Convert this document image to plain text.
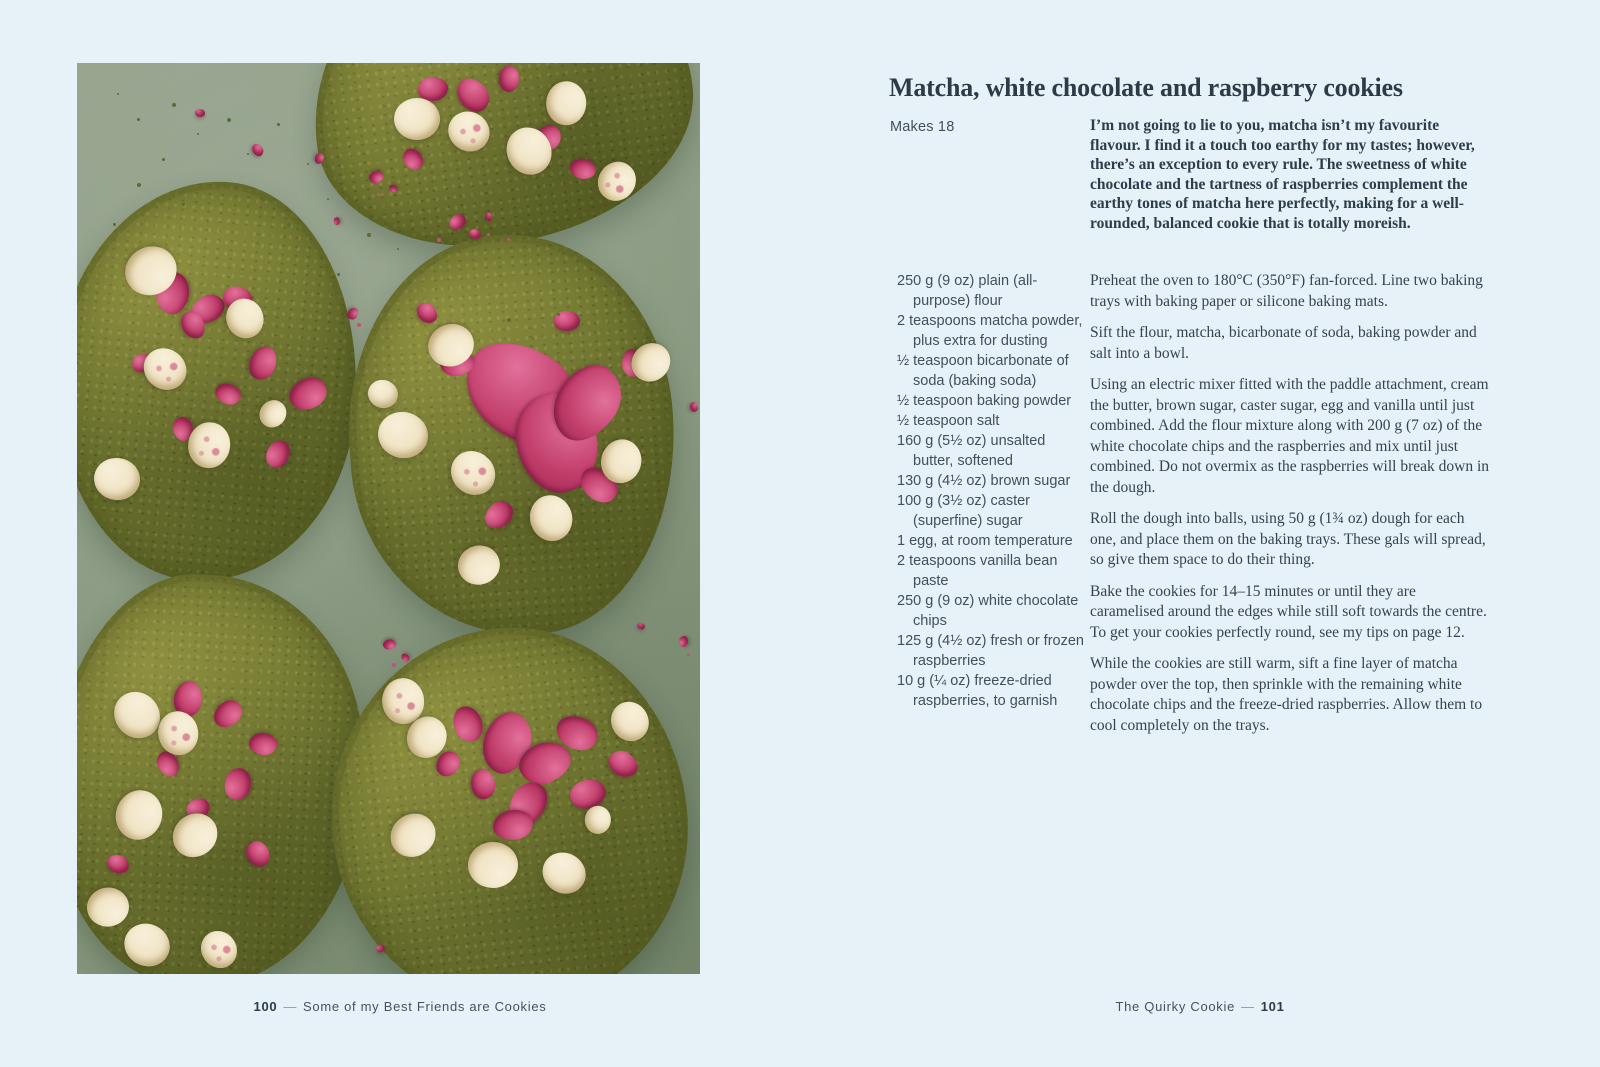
Matcha, white chocolate and raspberry cookies
Makes 18	I’m not going to lie to you, matcha isn’t my favourite flavour. I find it a touch too earthy for my tastes; however, there’s an exception to every rule. The sweetness of white chocolate and the tartness of raspberries complement the earthy tones of matcha here perfectly, making for a well-rounded, balanced cookie that is totally moreish.
250 g (9 oz) plain (all-purpose) flour
2 teaspoons matcha powder, plus extra for dusting
½ teaspoon bicarbonate of soda (baking soda)
½ teaspoon baking powder
½ teaspoon salt
160 g (5½ oz) unsalted butter, softened
130 g (4½ oz) brown sugar
100 g (3½ oz) caster (superfine) sugar
1 egg, at room temperature
2 teaspoons vanilla bean paste
250 g (9 oz) white chocolate chips
125 g (4½ oz) fresh or frozen raspberries
10 g (¼ oz) freeze-dried raspberries, to garnish
Preheat the oven to 180°C (350°F) fan-forced. Line two baking trays with baking paper or silicone baking mats.
Sift the flour, matcha, bicarbonate of soda, baking powder and salt into a bowl.
Using an electric mixer fitted with the paddle attachment, cream the butter, brown sugar, caster sugar, egg and vanilla until just combined. Add the flour mixture along with 200 g (7 oz) of the white chocolate chips and the raspberries and mix until just combined. Do not overmix as the raspberries will break down in the dough.
Roll the dough into balls, using 50 g (1¾ oz) dough for each one, and place them on the baking trays. These gals will spread, so give them space to do their thing.
Bake the cookies for 14–15 minutes or until they are caramelised around the edges while still soft towards the centre. To get your cookies perfectly round, see my tips on page 12.
While the cookies are still warm, sift a fine layer of matcha powder over the top, then sprinkle with the remaining white chocolate chips and the freeze-dried raspberries. Allow them to cool completely on the trays.
100 — Some of my Best Friends are Cookies	The Quirky Cookie — 101
